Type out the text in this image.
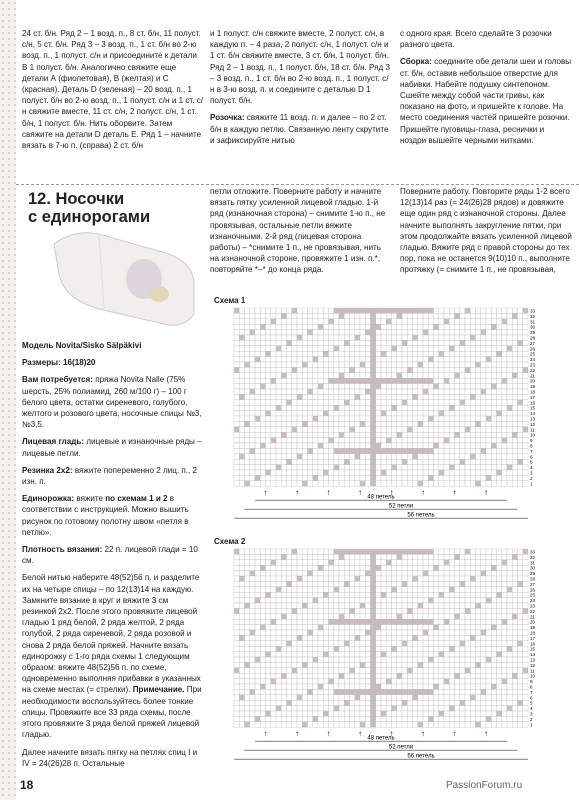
24 ст. б/н. Ряд 2 – 1 возд. п., 8 ст. б/н, 11 полуст. с/н, 5 ст. б/н. Ряд 3 – 3 возд. п., 1 ст. б/н во 2-ю возд. п., 1 полуст. с/н и присоедините к детали В 1 полуст. б/н. Аналогично свяжите еще детали А (фиолетовая), В (желтая) и С (красная). Деталь D (зеленая) – 20 возд. п., 1 полуст. б/н во 2-ю возд. п., 1 полуст. с/н и 1 ст. с/н свяжите вместе, 11 ст. с/н, 2 полуст. с/н, 1 ст. б/н, 1 полуст. б/н. Нить оборвите. Затем свяжите на детали D деталь E. Ряд 1 – начните вязать в 7-ю п. (справа) 2 ст. б/н

и 1 полуст. с/н свяжите вместе, 2 полуст. с/н, в каждую п. – 4 раза, 2 полуст. с/н, 1 полуст. с/н и 1 ст. б/н свяжите вместе, 3 ст. б/н, 1 полуст. б/н. Ряд 2 – 1 возд. п., 1 полуст. б/н, 18 ст. б/н. Ряд 3 – 3 возд. п., 1 ст. б/н во 2-ю возд. п., 1 полуст. с/н в 3-ю возд. п. и соедините с деталью D 1 полуст. б/н.

Розочка: свяжите 11 возд. п. и далее – по 2 ст. б/н в каждую петлю. Связанную ленту скрутите и зафиксируйте нитью

с одного края. Всего сделайте 3 розочки разного цвета.

Сборка: соедините обе детали шеи и головы ст. б/н, оставив небольшое отверстие для набивки. Набейте подушку синтепоном. Сшейте между собой части гривы, как показано на фото, и пришейте к голове. На место соединения частей пришейте розочки. Пришейте пуговицы-глаза, реснички и ноздри вышейте черными нитками.

12. Носочки
с единорогами

Модель Novita/Sisko Sälpäkivi

Размеры: 16(18)20

Вам потребуется: пряжа Novita Nalle (75% шерсть, 25% полиамид, 260 м/100 г) – 100 г белого цвета, остатки сиреневого, голубого, желтого и розового цвета, носочные спицы №3, №3,5.

Лицевая гладь: лицевые и изнаночные ряды – лицевые петли.

Резинка 2х2: вяжите попеременно 2 лиц. п., 2 изн. п.

Единорожка: вяжите по схемам 1 и 2 в соответствии с инструкцией. Можно вышить рисунок по готовому полотну швом «петля в петлю».

Плотность вязания: 22 п. лицевой глади = 10 см.

Белой нитью наберите 48(52)56 п. и разделите их на четыре спицы – по 12(13)14 на каждую. Замкните вязание в круг и вяжите 3 см резинкой 2х2. После этого провяжите лицевой гладью 1 ряд белой, 2 ряда желтой, 2 ряда голубой, 2 ряда сиреневой, 2 ряда розовой и снова 2 ряда белой пряжей. Начните вязать единорожку с 1-го ряда схемы 1 следующим образом: вяжите 48(52)56 п. по схеме, одновременно выполняя прибавки в указанных на схеме местах (= стрелки). Примечание. При необходимости воспользуйтесь более тонкие спицы. Провяжите все 33 ряда схемы, после этого провяжите 3 ряда белой пряжей лицевой гладью.

Далее начните вязать пятку на петлях спиц I и IV = 24(26)28 п. Остальные

петли отложите. Поверните работу и начните вязать пятку усиленной лицевой гладью. 1-й ряд (изнаночная сторона) – снимите 1-ю п., не провязывая, остальные петли вяжите изнаночными. 2-й ряд (лицевая сторона работы) – *снимите 1 п., не провязывая, нить на изнаночной стороне, провяжите 1 изн. п.*, повторяйте *–* до конца ряда.

Поверните работу. Повторите ряды 1-2 всего 12(13)14 раз (= 24(26)28 рядов) и довяжите еще один ряд с изнаночной стороны. Далее начните выполнять закругление пятки, при этом продолжайте вязать усиленной лицевой гладью. Вяжите ряд с правой стороны до тех пор, пока не останется 9(10)10 п., выполните протяжку (= снимите 1 п., не провязывая,

Схема 1
33
32
31
30
29
28
27
26
25
24
23
22
21
20
19
18
17
16
15
14
13
12
11
10
9
8
7
6
5
4
3
2
1
↑	↑	↑	↑	↑	↑	↑	↑
48 петель
52 петли
56 петель
Схема 2
33
32
31
30
29
28
27
26
25
24
23
22
21
20
19
18
17
16
15
14
13
12
11
10
9
8
7
6
5
4
3
2
1
↑	↑	↑	↑	↑	↑	↑	↑
48 петель
52 петли
56 петель
18	PassionForum.ru
